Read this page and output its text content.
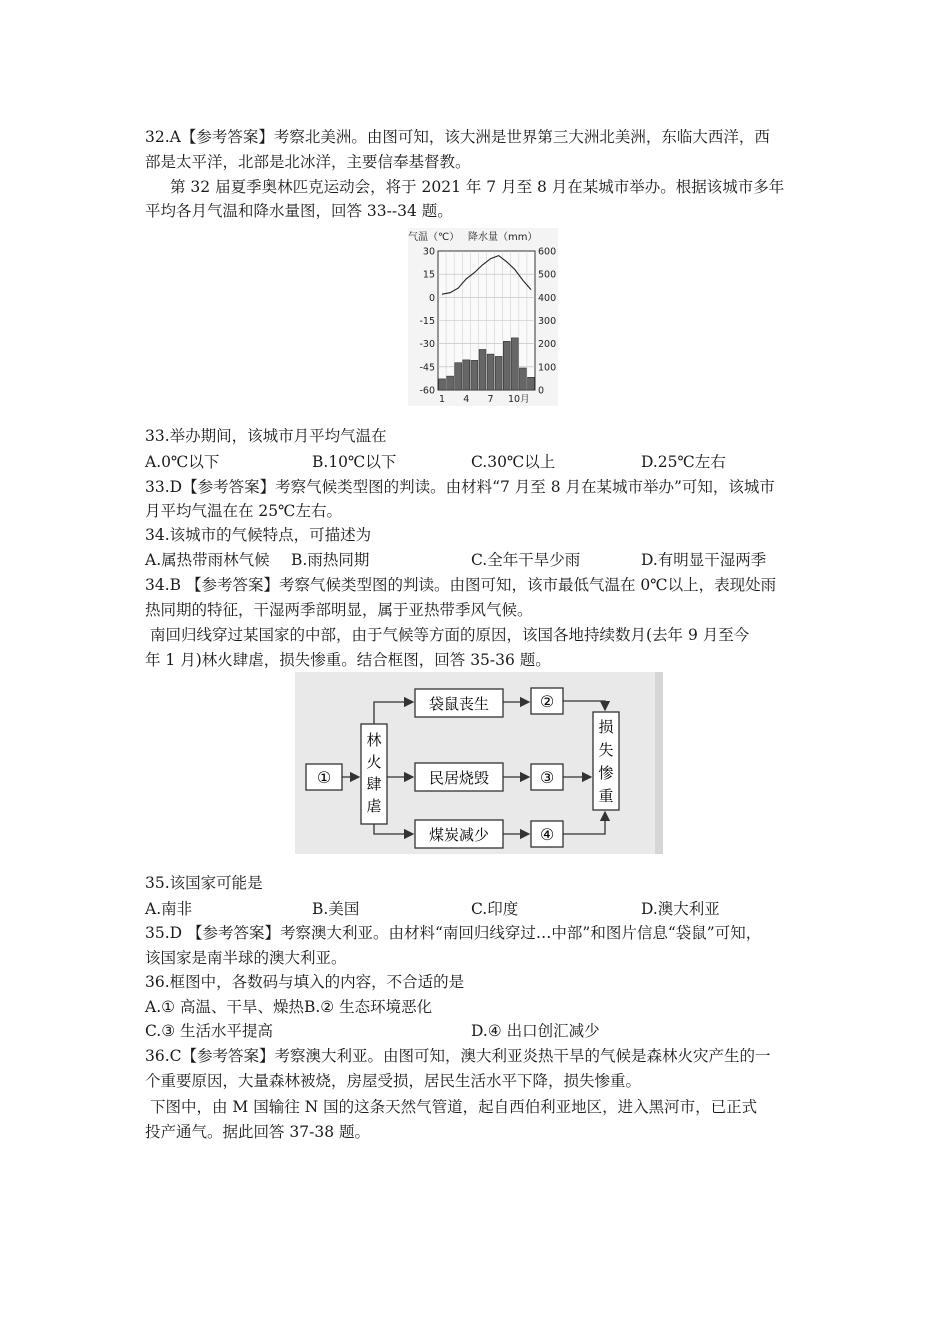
32.A【参考答案】考察北美洲。由图可知，该大洲是世界第三大洲北美洲，东临大西洋，西
部是太平洋，北部是北冰洋，主要信奉基督教。
第 32 届夏季奥林匹克运动会，将于 2021 年 7 月至 8 月在某城市举办。根据该城市多年
平均各月气温和降水量图，回答 33--34 题。
气温（℃） 降水量（mm）
30
15
0
-15
-30
-45
-60
600
500
400
300
200
100
0
1 4 7 10月
33.举办期间，该城市月平均气温在
A.0℃以下	B.10℃以下	C.30℃以上	D.25℃左右
33.D【参考答案】考察气候类型图的判读。由材料“7 月至 8 月在某城市举办”可知，该城市
月平均气温在在 25℃左右。
34.该城市的气候特点，可描述为
A.属热带雨林气候 B.雨热同期	C.全年干旱少雨	D.有明显干湿两季
34.B 【参考答案】考察气候类型图的判读。由图可知，该市最低气温在 0℃以上，表现处雨
热同期的特征，干湿两季部明显，属于亚热带季风气候。
南回归线穿过某国家的中部，由于气候等方面的原因，该国各地持续数月(去年 9 月至今
年 1 月)林火肆虐，损失惨重。结合框图，回答 35-36 题。
①
林
火
肆
虐
袋鼠丧生
民居烧毁
煤炭减少
②
③
④
损
失
惨
重
35.该国家可能是
A.南非	B.美国	C.印度	D.澳大利亚
35.D 【参考答案】考察澳大利亚。由材料“南回归线穿过…中部”和图片信息“袋鼠”可知，
该国家是南半球的澳大利亚。
36.框图中，各数码与填入的内容，不合适的是
A.① 高温、干旱、燥热B.② 生态环境恶化
C.③ 生活水平提高	D.④ 出口创汇减少
36.C【参考答案】考察澳大利亚。由图可知，澳大利亚炎热干旱的气候是森林火灾产生的一
个重要原因，大量森林被烧，房屋受损，居民生活水平下降，损失惨重。
下图中，由 M 国输往 N 国的这条天然气管道，起自西伯利亚地区，进入黑河市，已正式
投产通气。据此回答 37-38 题。
